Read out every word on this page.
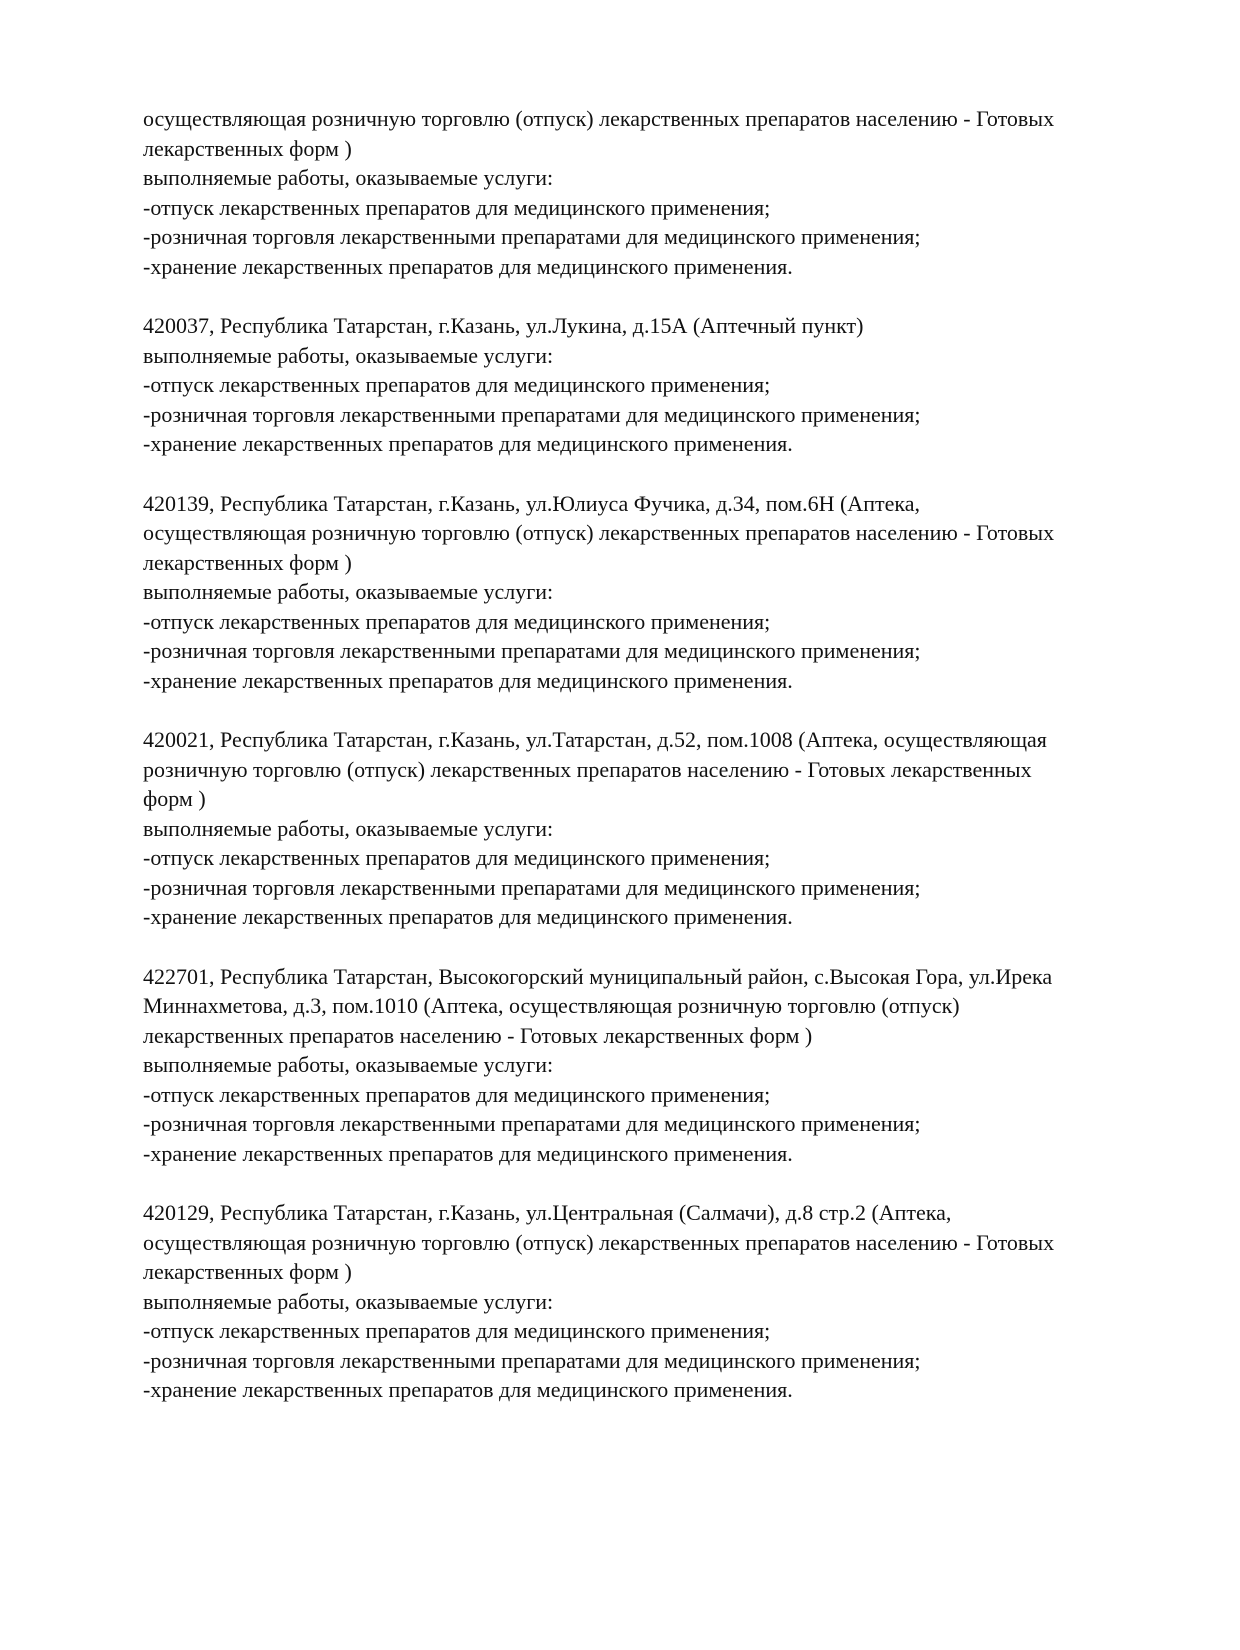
осуществляющая розничную торговлю (отпуск) лекарственных препаратов населению - Готовых
лекарственных форм )
выполняемые работы, оказываемые услуги:
-отпуск лекарственных препаратов для медицинского применения;
-розничная торговля лекарственными препаратами для медицинского применения;
-хранение лекарственных препаратов для медицинского применения.
420037, Республика Татарстан, г.Казань, ул.Лукина, д.15А (Аптечный пункт)
выполняемые работы, оказываемые услуги:
-отпуск лекарственных препаратов для медицинского применения;
-розничная торговля лекарственными препаратами для медицинского применения;
-хранение лекарственных препаратов для медицинского применения.
420139, Республика Татарстан, г.Казань, ул.Юлиуса Фучика, д.34, пом.6Н (Аптека,
осуществляющая розничную торговлю (отпуск) лекарственных препаратов населению - Готовых
лекарственных форм )
выполняемые работы, оказываемые услуги:
-отпуск лекарственных препаратов для медицинского применения;
-розничная торговля лекарственными препаратами для медицинского применения;
-хранение лекарственных препаратов для медицинского применения.
420021, Республика Татарстан, г.Казань, ул.Татарстан, д.52, пом.1008 (Аптека, осуществляющая
розничную торговлю (отпуск) лекарственных препаратов населению - Готовых лекарственных
форм )
выполняемые работы, оказываемые услуги:
-отпуск лекарственных препаратов для медицинского применения;
-розничная торговля лекарственными препаратами для медицинского применения;
-хранение лекарственных препаратов для медицинского применения.
422701, Республика Татарстан, Высокогорский муниципальный район, с.Высокая Гора, ул.Ирека
Миннахметова, д.3, пом.1010 (Аптека, осуществляющая розничную торговлю (отпуск)
лекарственных препаратов населению - Готовых лекарственных форм )
выполняемые работы, оказываемые услуги:
-отпуск лекарственных препаратов для медицинского применения;
-розничная торговля лекарственными препаратами для медицинского применения;
-хранение лекарственных препаратов для медицинского применения.
420129, Республика Татарстан, г.Казань, ул.Центральная (Салмачи), д.8 стр.2 (Аптека,
осуществляющая розничную торговлю (отпуск) лекарственных препаратов населению - Готовых
лекарственных форм )
выполняемые работы, оказываемые услуги:
-отпуск лекарственных препаратов для медицинского применения;
-розничная торговля лекарственными препаратами для медицинского применения;
-хранение лекарственных препаратов для медицинского применения.
